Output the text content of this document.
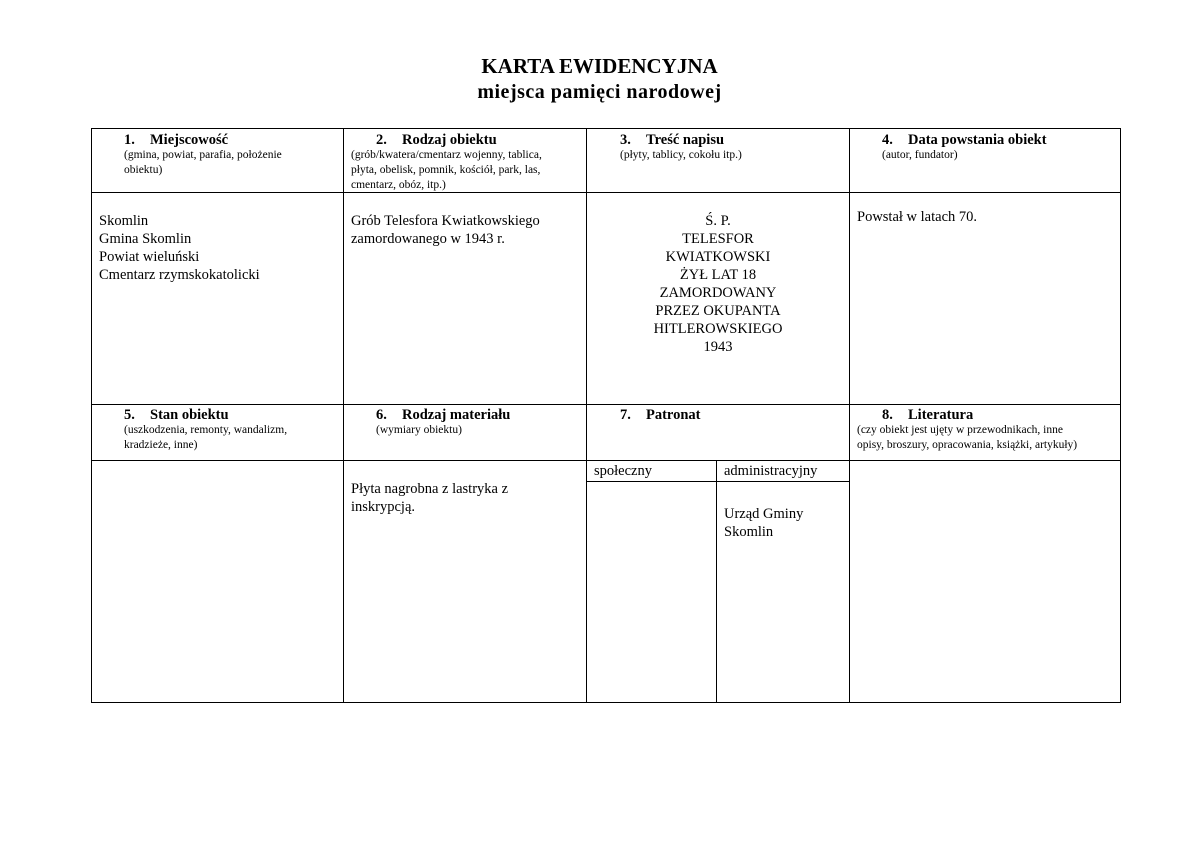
KARTA EWIDENCYJNA
miejsca pamięci narodowej
1. Miejscowość
(gmina, powiat, parafia, położenie
obiektu)
2. Rodzaj obiektu
(grób/kwatera/cmentarz wojenny, tablica,
płyta, obelisk, pomnik, kościół, park, las,
cmentarz, obóz, itp.)
3. Treść napisu
(płyty, tablicy, cokołu itp.)
4. Data powstania obiekt
(autor, fundator)
Skomlin
Gmina Skomlin
Powiat wieluński
Cmentarz rzymskokatolicki
Grób Telesfora Kwiatkowskiego
zamordowanego w 1943 r.
Ś. P.
TELESFOR
KWIATKOWSKI
ŻYŁ LAT 18
ZAMORDOWANY
PRZEZ OKUPANTA
HITLEROWSKIEGO
1943
Powstał w latach 70.
5. Stan obiektu
(uszkodzenia, remonty, wandalizm,
kradzieże, inne)
6. Rodzaj materiału
(wymiary obiektu)
7. Patronat	8. Literatura
(czy obiekt jest ujęty w przewodnikach, inne
opisy, broszury, opracowania, książki, artykuły)
Płyta nagrobna z lastryka z
inskrypcją.
społeczny	administracyjny
Urząd Gminy
Skomlin
